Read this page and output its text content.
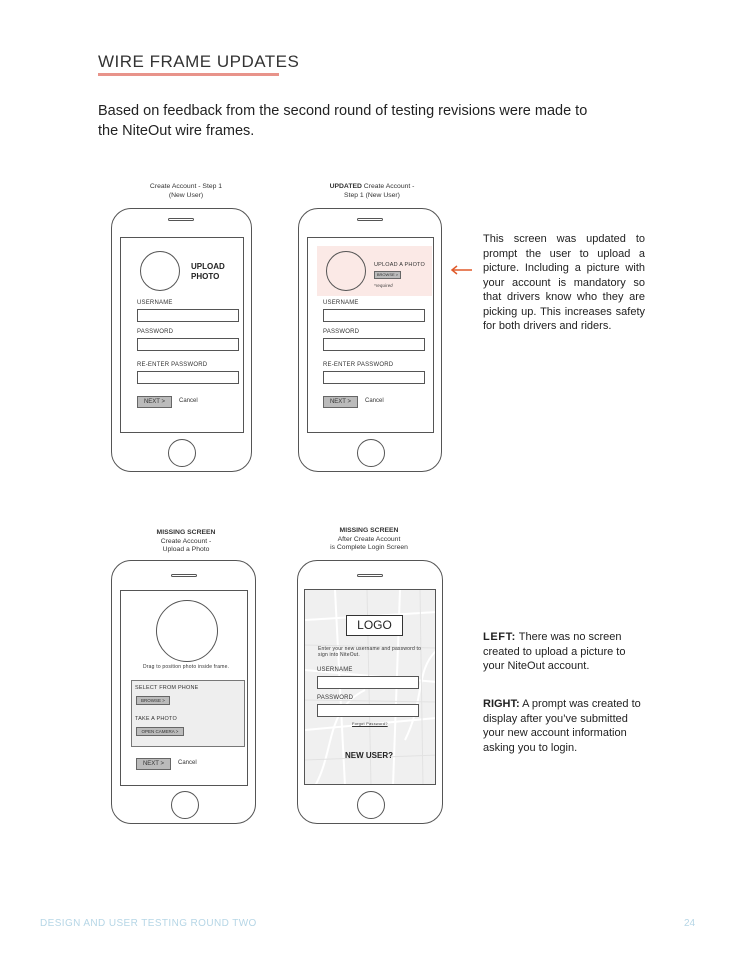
WIRE FRAME UPDATES
Based on feedback from the second round of testing revisions were made to the NiteOut wire frames.
Create Account - Step 1
(New User)
UPLOAD
PHOTO
USERNAME
PASSWORD
RE-ENTER PASSWORD
NEXT >	Cancel
UPDATED Create Account -
Step 1 (New User)
UPLOAD A PHOTO
BROWSE >
*required
USERNAME
PASSWORD
RE-ENTER PASSWORD
NEXT >	Cancel
This screen was updated to prompt the user to upload a picture. Including a picture with your account is mandatory so that drivers know who they are picking up. This increases safety for both drivers and riders.
MISSING SCREEN
Create Account -
Upload a Photo
Drag to position photo inside frame.
SELECT FROM PHONE
BROWSE >
TAKE A PHOTO
OPEN CAMERA >
NEXT >	Cancel
MISSING SCREEN
After Create Account
is Complete Login Screen
LOGO
Enter your new username and password to sign into NiteOut.
USERNAME
PASSWORD
Forgot Password?
NEW USER?
LEFT: There was no screen created to upload a picture to your NiteOut account.
RIGHT: A prompt was created to display after you’ve submitted your new account information asking you to login.
DESIGN AND USER TESTING ROUND TWO	24
